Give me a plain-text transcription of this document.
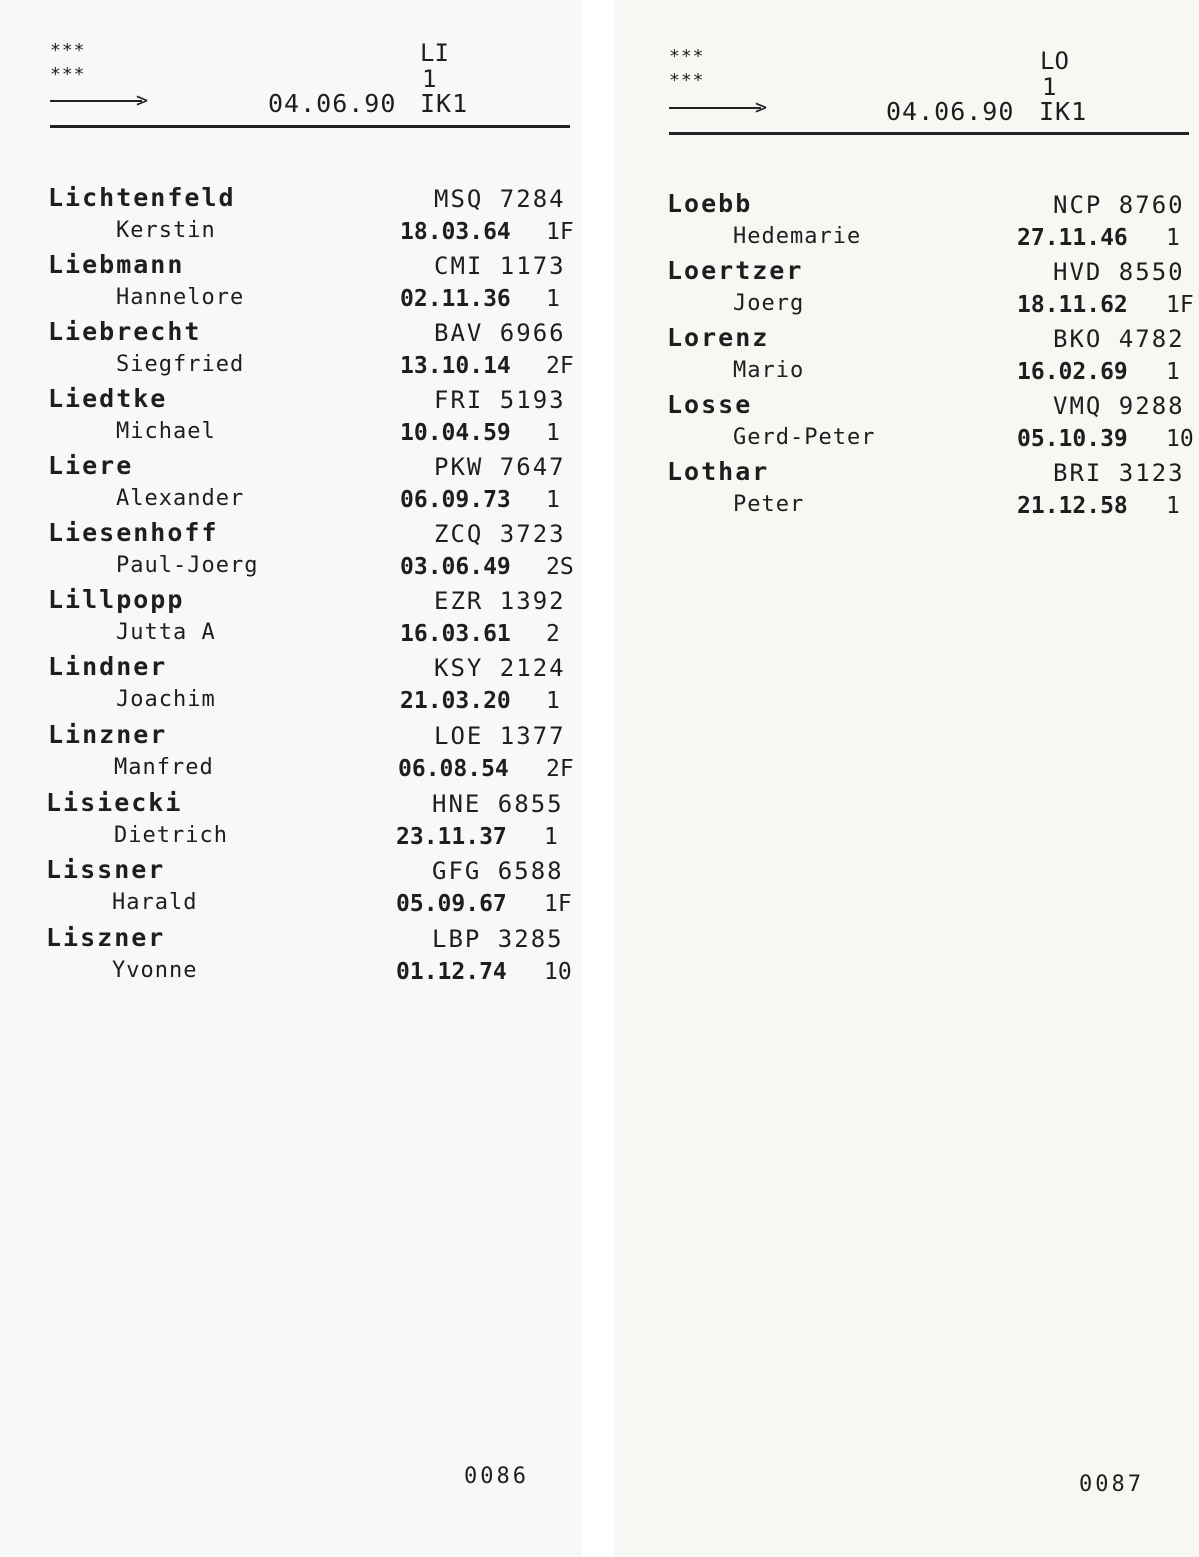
***
***
LI
1
>	04.06.90 IK1
Lichtenfeld
Kerstin
MSQ 7284
18.03.64 1F
Liebmann
Hannelore
CMI 1173
02.11.36 1
Liebrecht
Siegfried
BAV 6966
13.10.14 2F
Liedtke
Michael
FRI 5193
10.04.59 1
Liere
Alexander
PKW 7647
06.09.73 1
Liesenhoff
Paul-Joerg
ZCQ 3723
03.06.49 2S
Lillpopp
Jutta A
EZR 1392
16.03.61 2
Lindner
Joachim
KSY 2124
21.03.20 1
Linzner
Manfred
LOE 1377
06.08.54 2F
Lisiecki
Dietrich
HNE 6855
23.11.37 1
Lissner
Harald
GFG 6588
05.09.67 1F
Liszner
Yvonne
LBP 3285
01.12.74 10
0086
***
***
LO
1
>	04.06.90 IK1
Loebb
Hedemarie
NCP 8760
27.11.46 1
Loertzer
Joerg
HVD 8550
18.11.62 1F
Lorenz
Mario
BKO 4782
16.02.69 1
Losse
Gerd-Peter
VMQ 9288
05.10.39 10
Lothar
Peter
BRI 3123
21.12.58 1
0087
